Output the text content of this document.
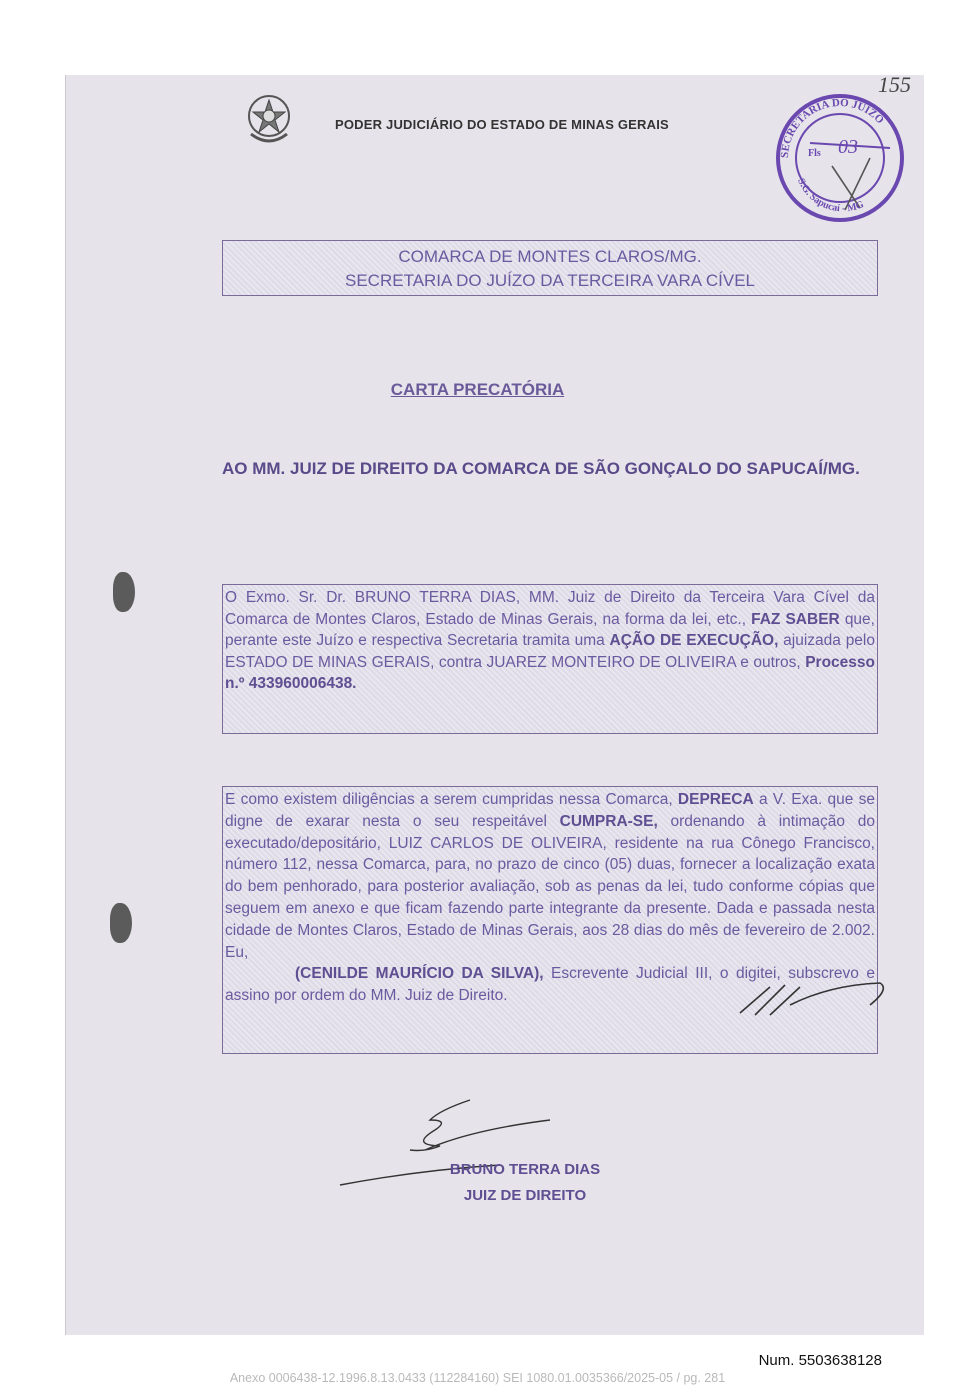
PODER JUDICIÁRIO DO ESTADO DE MINAS GERAIS
SECRETARIA DO JUÍZO
S.G. Sapucaí - MG
Fls 03
155
COMARCA DE MONTES CLAROS/MG.
SECRETARIA DO JUÍZO DA TERCEIRA VARA CÍVEL
CARTA PRECATÓRIA
AO MM. JUIZ DE DIREITO DA COMARCA DE SÃO GONÇALO DO SAPUCAÍ/MG.
O Exmo. Sr. Dr. BRUNO TERRA DIAS, MM. Juiz de Direito da Terceira Vara Cível da Comarca de Montes Claros, Estado de Minas Gerais, na forma da lei, etc., FAZ SABER que, perante este Juízo e respectiva Secretaria tramita uma AÇÃO DE EXECUÇÃO, ajuizada pelo ESTADO DE MINAS GERAIS, contra JUAREZ MONTEIRO DE OLIVEIRA e outros, Processo n.º 433960006438.
E como existem diligências a serem cumpridas nessa Comarca, DEPRECA a V. Exa. que se digne de exarar nesta o seu respeitável CUMPRA-SE, ordenando à intimação do executado/depositário, LUIZ CARLOS DE OLIVEIRA, residente na rua Cônego Francisco, número 112, nessa Comarca, para, no prazo de cinco (05) duas, fornecer a localização exata do bem penhorado, para posterior avaliação, sob as penas da lei, tudo conforme cópias que seguem em anexo e que ficam fazendo parte integrante da presente. Dada e passada nesta cidade de Montes Claros, Estado de Minas Gerais, aos 28 dias do mês de fevereiro de 2.002. Eu,
(CENILDE MAURÍCIO DA SILVA), Escrevente Judicial III, o digitei, subscrevo e assino por ordem do MM. Juiz de Direito.
BRUNO TERRA DIAS
JUIZ DE DIREITO
Num. 5503638128
Anexo 0006438-12.1996.8.13.0433 (112284160) SEI 1080.01.0035366/2025-05 / pg. 281
